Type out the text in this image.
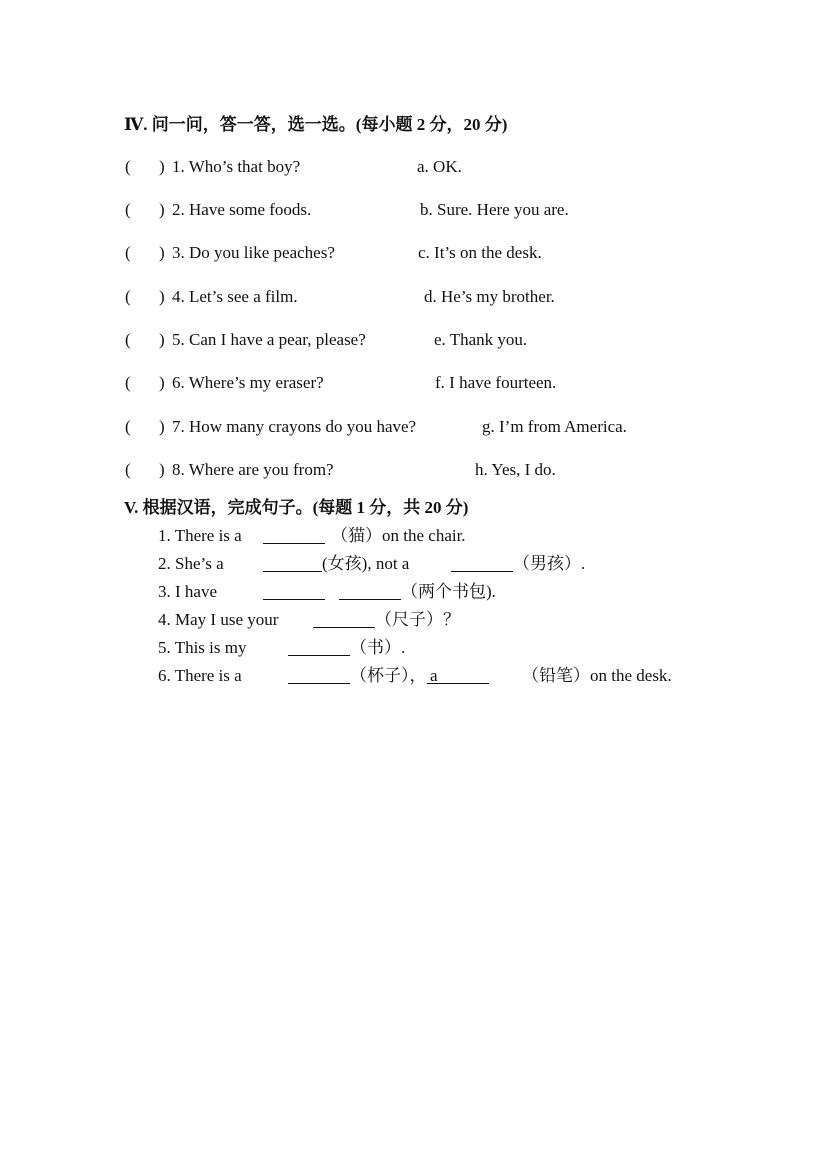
Ⅳ. 问一问，答一答，选一选。(每小题 2 分，20 分)
( ) 1. Who’s that boy?	a. OK.
( ) 2. Have some foods.	b. Sure. Here you are.
( ) 3. Do you like peaches?	c. It’s on the desk.
( ) 4. Let’s see a film.	d. He’s my brother.
( ) 5. Can I have a pear, please?	e. Thank you.
( ) 6. Where’s my eraser?	f. I have fourteen.
( ) 7. How many crayons do you have?	g. I’m from America.
( ) 8. Where are you from?	h. Yes, I do.
V. 根据汉语，完成句子。(每题 1 分，共 20 分)
1. There is a	（猫）on the chair.
2. She’s a	(女孩), not a	（男孩）.
3. I have	（两个书包).
4. May I use your	（尺子）？
5. This is my	（书）.
6. There is a	（杯子）， a	（铅笔）on the desk.
